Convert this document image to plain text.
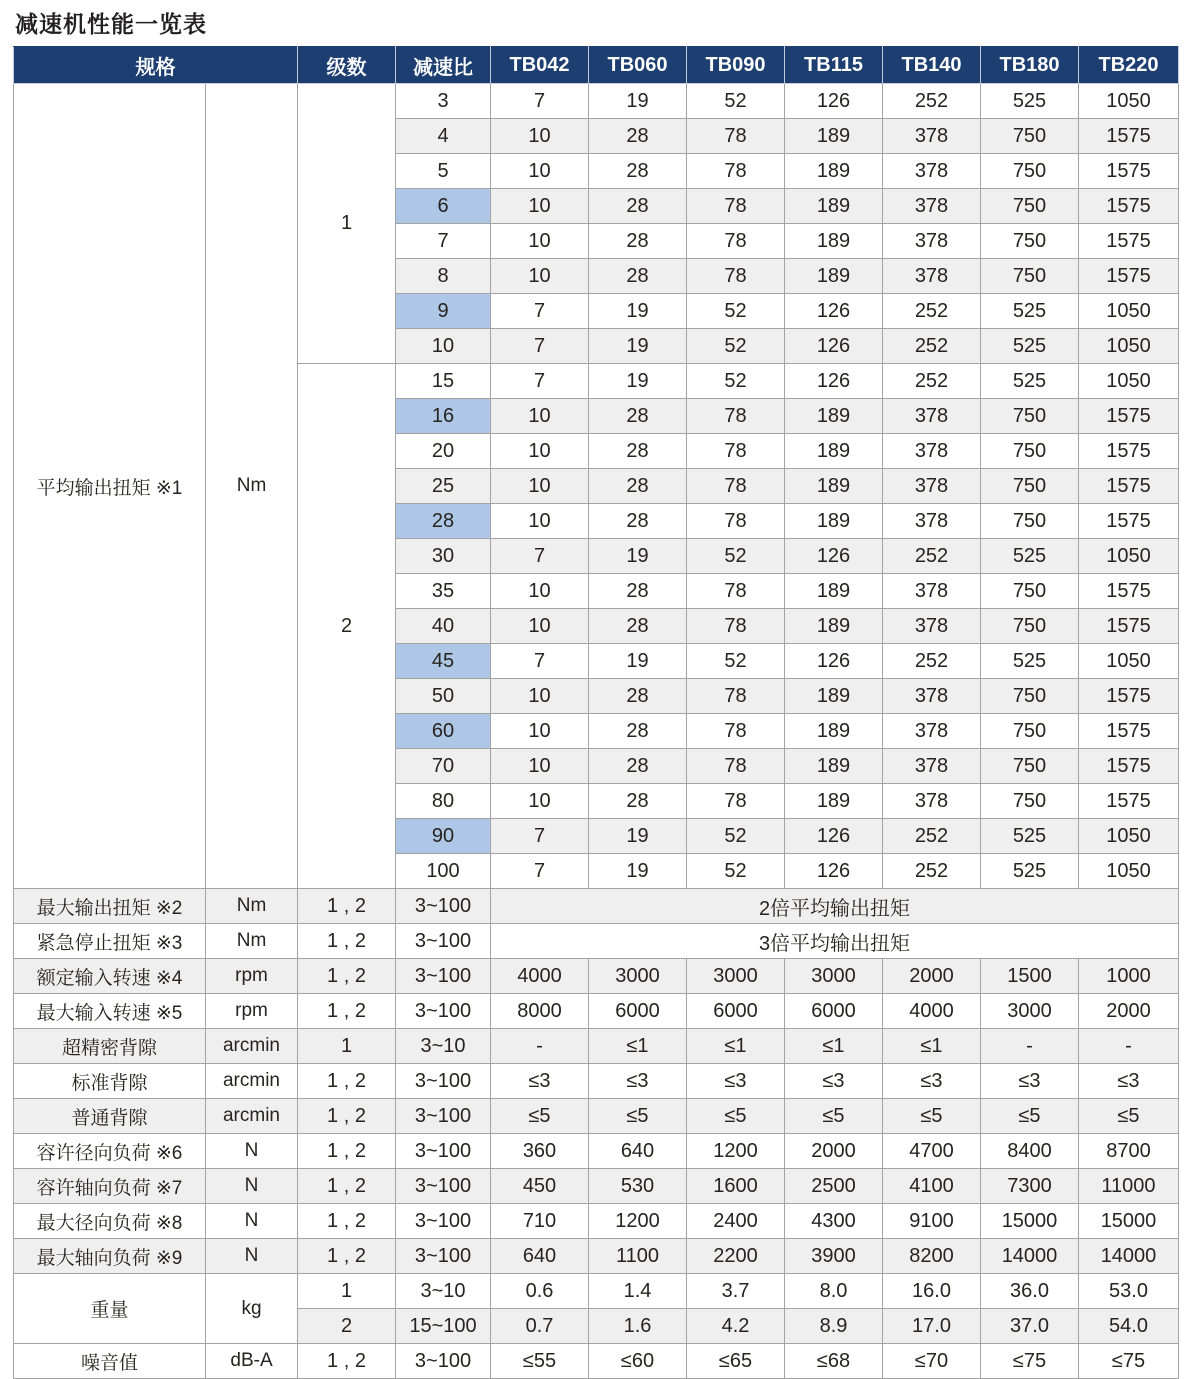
减速机性能一览表
规格		级数	减速比	TB042	TB060	TB090	TB115	TB140	TB180	TB220
平均输出扭矩 ※1	Nm	1	3	7	19	52	126	252	525	1050
			4	10	28	78	189	378	750	1575
			5	10	28	78	189	378	750	1575
			6	10	28	78	189	378	750	1575
			7	10	28	78	189	378	750	1575
			8	10	28	78	189	378	750	1575
			9	7	19	52	126	252	525	1050
			10	7	19	52	126	252	525	1050
		2	15	7	19	52	126	252	525	1050
			16	10	28	78	189	378	750	1575
			20	10	28	78	189	378	750	1575
			25	10	28	78	189	378	750	1575
			28	10	28	78	189	378	750	1575
			30	7	19	52	126	252	525	1050
			35	10	28	78	189	378	750	1575
			40	10	28	78	189	378	750	1575
			45	7	19	52	126	252	525	1050
			50	10	28	78	189	378	750	1575
			60	10	28	78	189	378	750	1575
			70	10	28	78	189	378	750	1575
			80	10	28	78	189	378	750	1575
			90	7	19	52	126	252	525	1050
			100	7	19	52	126	252	525	1050
最大输出扭矩 ※2	Nm	1 , 2	3~100	2倍平均输出扭矩						
紧急停止扭矩 ※3	Nm	1 , 2	3~100	3倍平均输出扭矩						
额定输入转速 ※4	rpm	1 , 2	3~100	4000	3000	3000	3000	2000	1500	1000
最大输入转速 ※5	rpm	1 , 2	3~100	8000	6000	6000	6000	4000	3000	2000
超精密背隙	arcmin	1	3~10	-	≤1	≤1	≤1	≤1	-	-
标准背隙	arcmin	1 , 2	3~100	≤3	≤3	≤3	≤3	≤3	≤3	≤3
普通背隙	arcmin	1 , 2	3~100	≤5	≤5	≤5	≤5	≤5	≤5	≤5
容许径向负荷 ※6	N	1 , 2	3~100	360	640	1200	2000	4700	8400	8700
容许轴向负荷 ※7	N	1 , 2	3~100	450	530	1600	2500	4100	7300	11000
最大径向负荷 ※8	N	1 , 2	3~100	710	1200	2400	4300	9100	15000	15000
最大轴向负荷 ※9	N	1 , 2	3~100	640	1100	2200	3900	8200	14000	14000
重量	kg	1	3~10	0.6	1.4	3.7	8.0	16.0	36.0	53.0
		2	15~100	0.7	1.6	4.2	8.9	17.0	37.0	54.0
噪音值	dB-A	1 , 2	3~100	≤55	≤60	≤65	≤68	≤70	≤75	≤75
